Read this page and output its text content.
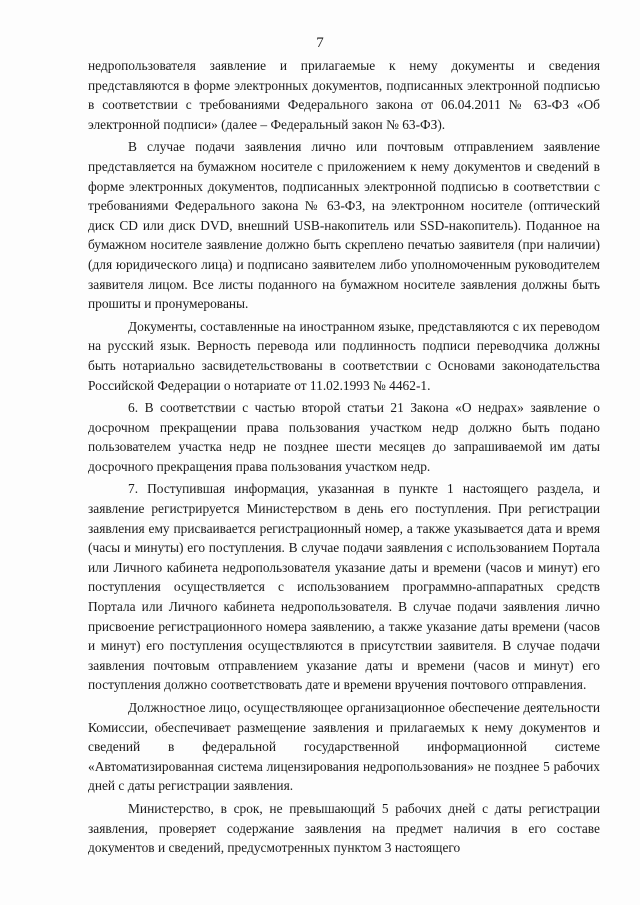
7

недропользователя заявление и прилагаемые к нему документы и сведения представляются в форме электронных документов, подписанных электронной подписью в соответствии с требованиями Федерального закона от 06.04.2011 № 63-ФЗ «Об электронной подписи» (далее – Федеральный закон № 63-ФЗ).

В случае подачи заявления лично или почтовым отправлением заявление представляется на бумажном носителе с приложением к нему документов и сведений в форме электронных документов, подписанных электронной подписью в соответствии с требованиями Федерального закона № 63-ФЗ, на электронном носителе (оптический диск CD или диск DVD, внешний USB-накопитель или SSD-накопитель). Поданное на бумажном носителе заявление должно быть скреплено печатью заявителя (при наличии) (для юридического лица) и подписано заявителем либо уполномоченным руководителем заявителя лицом. Все листы поданного на бумажном носителе заявления должны быть прошиты и пронумерованы.

Документы, составленные на иностранном языке, представляются с их переводом на русский язык. Верность перевода или подлинность подписи переводчика должны быть нотариально засвидетельствованы в соответствии с Основами законодательства Российской Федерации о нотариате от 11.02.1993 № 4462-1.

6. В соответствии с частью второй статьи 21 Закона «О недрах» заявление о досрочном прекращении права пользования участком недр должно быть подано пользователем участка недр не позднее шести месяцев до запрашиваемой им даты досрочного прекращения права пользования участком недр.

7. Поступившая информация, указанная в пункте 1 настоящего раздела, и заявление регистрируется Министерством в день его поступления. При регистрации заявления ему присваивается регистрационный номер, а также указывается дата и время (часы и минуты) его поступления. В случае подачи заявления с использованием Портала или Личного кабинета недропользователя указание даты и времени (часов и минут) его поступления осуществляется с использованием программно-аппаратных средств Портала или Личного кабинета недропользователя. В случае подачи заявления лично присвоение регистрационного номера заявлению, а также указание даты времени (часов и минут) его поступления осуществляются в присутствии заявителя. В случае подачи заявления почтовым отправлением указание даты и времени (часов и минут) его поступления должно соответствовать дате и времени вручения почтового отправления.

Должностное лицо, осуществляющее организационное обеспечение деятельности Комиссии, обеспечивает размещение заявления и прилагаемых к нему документов и сведений в федеральной государственной информационной системе «Автоматизированная система лицензирования недропользования» не позднее 5 рабочих дней с даты регистрации заявления.

Министерство, в срок, не превышающий 5 рабочих дней с даты регистрации заявления, проверяет содержание заявления на предмет наличия в его составе документов и сведений, предусмотренных пунктом 3 настоящего
